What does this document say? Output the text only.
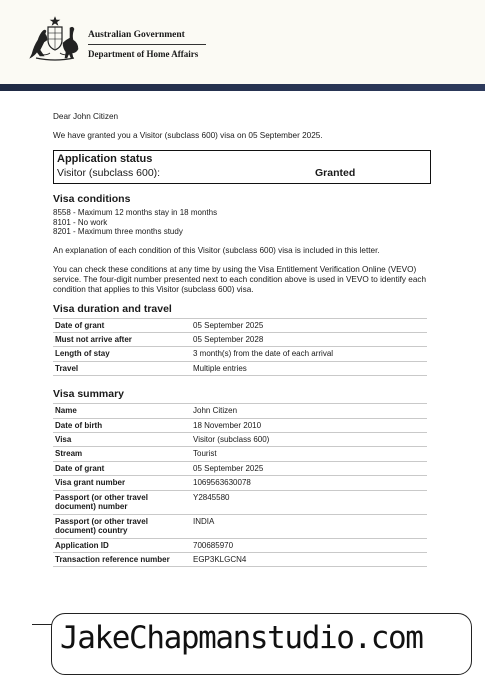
Australian Government
Department of Home Affairs
Dear John Citizen
We have granted you a Visitor (subclass 600) visa on 05 September 2025.
Application status
Visitor (subclass 600):	Granted
Visa conditions
8558 - Maximum 12 months stay in 18 months
8101 - No work
8201 - Maximum three months study
An explanation of each condition of this Visitor (subclass 600) visa is included in this letter.
You can check these conditions at any time by using the Visa Entitlement Verification Online (VEVO) service. The four-digit number presented next to each condition above is used in VEVO to identify each condition that applies to this Visitor (subclass 600) visa.
Visa duration and travel
Date of grant	05 September 2025
Must not arrive after	05 September 2028
Length of stay	3 month(s) from the date of each arrival
Travel	Multiple entries
Visa summary
Name	John Citizen
Date of birth	18 November 2010
Visa	Visitor (subclass 600)
Stream	Tourist
Date of grant	05 September 2025
Visa grant number	1069563630078
Passport (or other travel document) number	Y2845580
Passport (or other travel document) country	INDIA
Application ID	700685970
Transaction reference number	EGP3KLGCN4
JakeChapmanstudio.com
